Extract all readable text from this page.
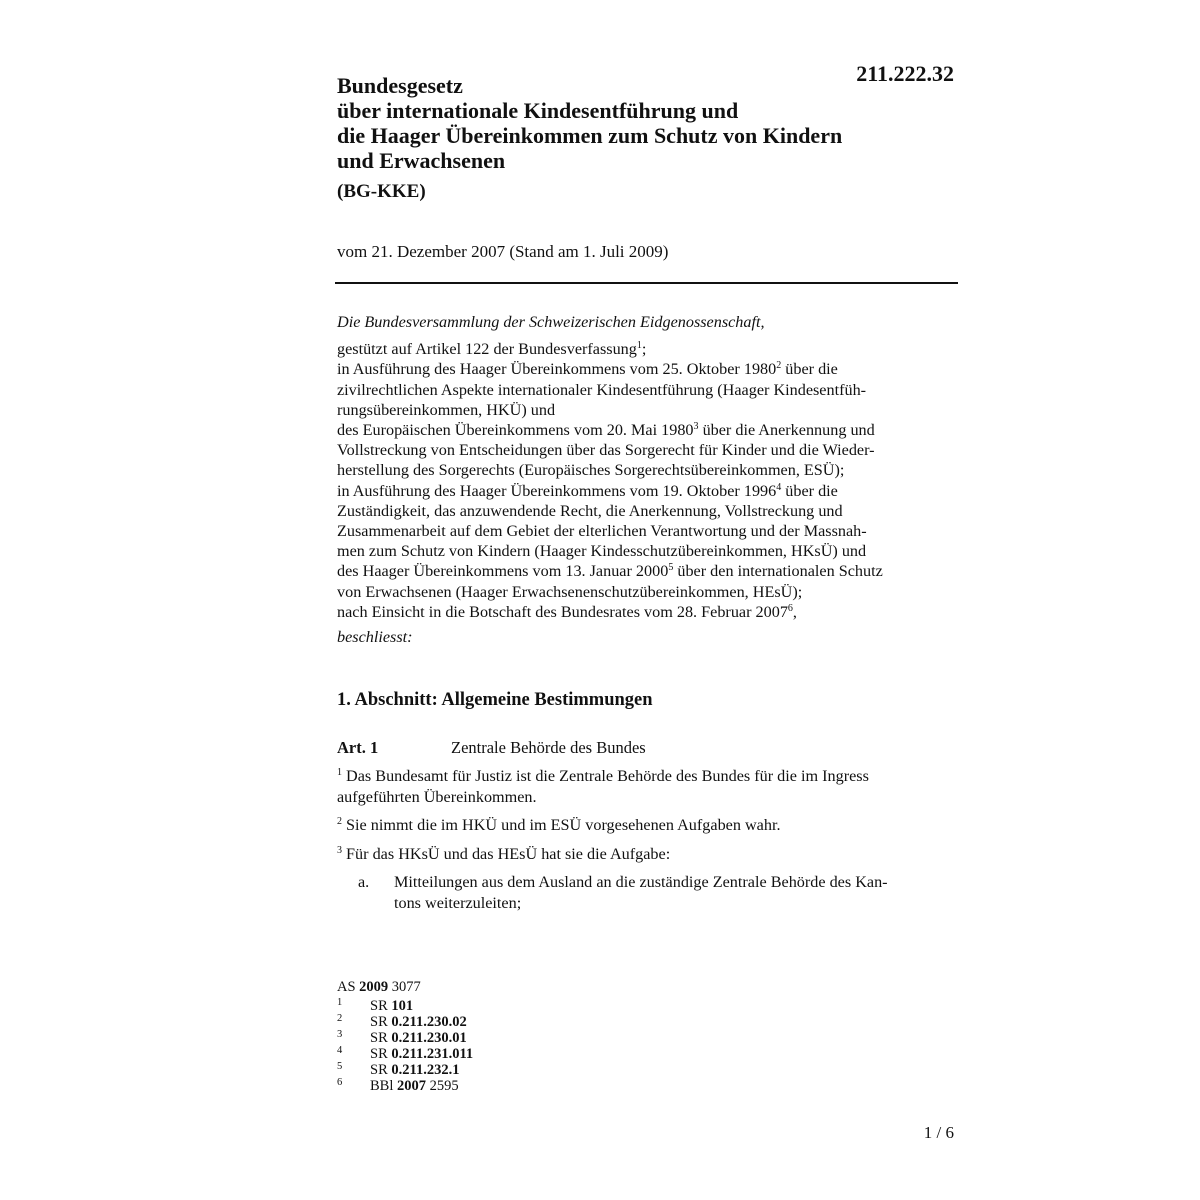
211.222.32
Bundesgesetz
über internationale Kindesentführung und
die Haager Übereinkommen zum Schutz von Kindern
und Erwachsenen
(BG-KKE)
vom 21. Dezember 2007 (Stand am 1. Juli 2009)
Die Bundesversammlung der Schweizerischen Eidgenossenschaft,
gestützt auf Artikel 122 der Bundesverfassung$^1$;
in Ausführung des Haager Übereinkommens vom 25. Oktober 1980$^2$ über die
zivilrechtlichen Aspekte internationaler Kindesentführung (Haager Kindesentfüh-
rungsübereinkommen, HKÜ) und
des Europäischen Übereinkommens vom 20. Mai 1980$^3$ über die Anerkennung und
Vollstreckung von Entscheidungen über das Sorgerecht für Kinder und die Wieder-
herstellung des Sorgerechts (Europäisches Sorgerechtsübereinkommen, ESÜ);
in Ausführung des Haager Übereinkommens vom 19. Oktober 1996$^4$ über die
Zuständigkeit, das anzuwendende Recht, die Anerkennung, Vollstreckung und
Zusammenarbeit auf dem Gebiet der elterlichen Verantwortung und der Massnah-
men zum Schutz von Kindern (Haager Kindesschutzübereinkommen, HKsÜ) und
des Haager Übereinkommens vom 13. Januar 2000$^5$ über den internationalen Schutz
von Erwachsenen (Haager Erwachsenenschutzübereinkommen, HEsÜ);
nach Einsicht in die Botschaft des Bundesrates vom 28. Februar 2007$^6$,
beschliesst:
1. Abschnitt: Allgemeine Bestimmungen
Art. 1	Zentrale Behörde des Bundes
$^1$ Das Bundesamt für Justiz ist die Zentrale Behörde des Bundes für die im Ingress
aufgeführten Übereinkommen.
$^2$ Sie nimmt die im HKÜ und im ESÜ vorgesehenen Aufgaben wahr.
$^3$ Für das HKsÜ und das HEsÜ hat sie die Aufgabe:
a. Mitteilungen aus dem Ausland an die zuständige Zentrale Behörde des Kan-
tons weiterzuleiten;
AS 2009 3077
1 SR 101
2 SR 0.211.230.02
3 SR 0.211.230.01
4 SR 0.211.231.011
5 SR 0.211.232.1
6 BBl 2007 2595
1 / 6
